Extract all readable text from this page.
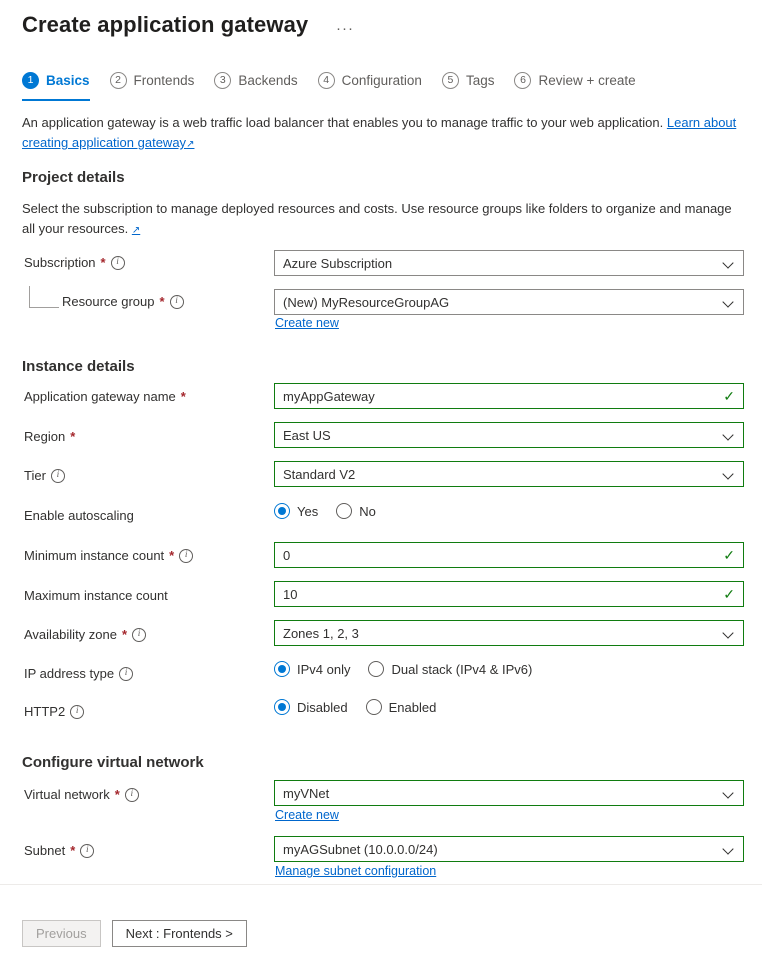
Create application gateway ···
1 Basics	2 Frontends	3 Backends	4 Configuration	5 Tags	6 Review + create
An application gateway is a web traffic load balancer that enables you to manage traffic to your web application. Learn about creating application gateway↗
Project details
Select the subscription to manage deployed resources and costs. Use resource groups like folders to organize and manage all your resources. ↗
Subscription *	i	Azure Subscription
Resource group *	i	(New) MyResourceGroupAG
Create new
Instance details
Application gateway name *	myAppGateway	✓
Region *	East US
Tier	i	Standard V2
Enable autoscaling	Yes	No
Minimum instance count *	i	0	✓
Maximum instance count	10	✓
Availability zone *	i	Zones 1, 2, 3
IP address type	i	IPv4 only	Dual stack (IPv4 & IPv6)
HTTP2	i	Disabled	Enabled
Configure virtual network
Virtual network *	i	myVNet
Create new
Subnet *	i	myAGSubnet (10.0.0.0/24)
Manage subnet configuration
Previous	Next : Frontends >
